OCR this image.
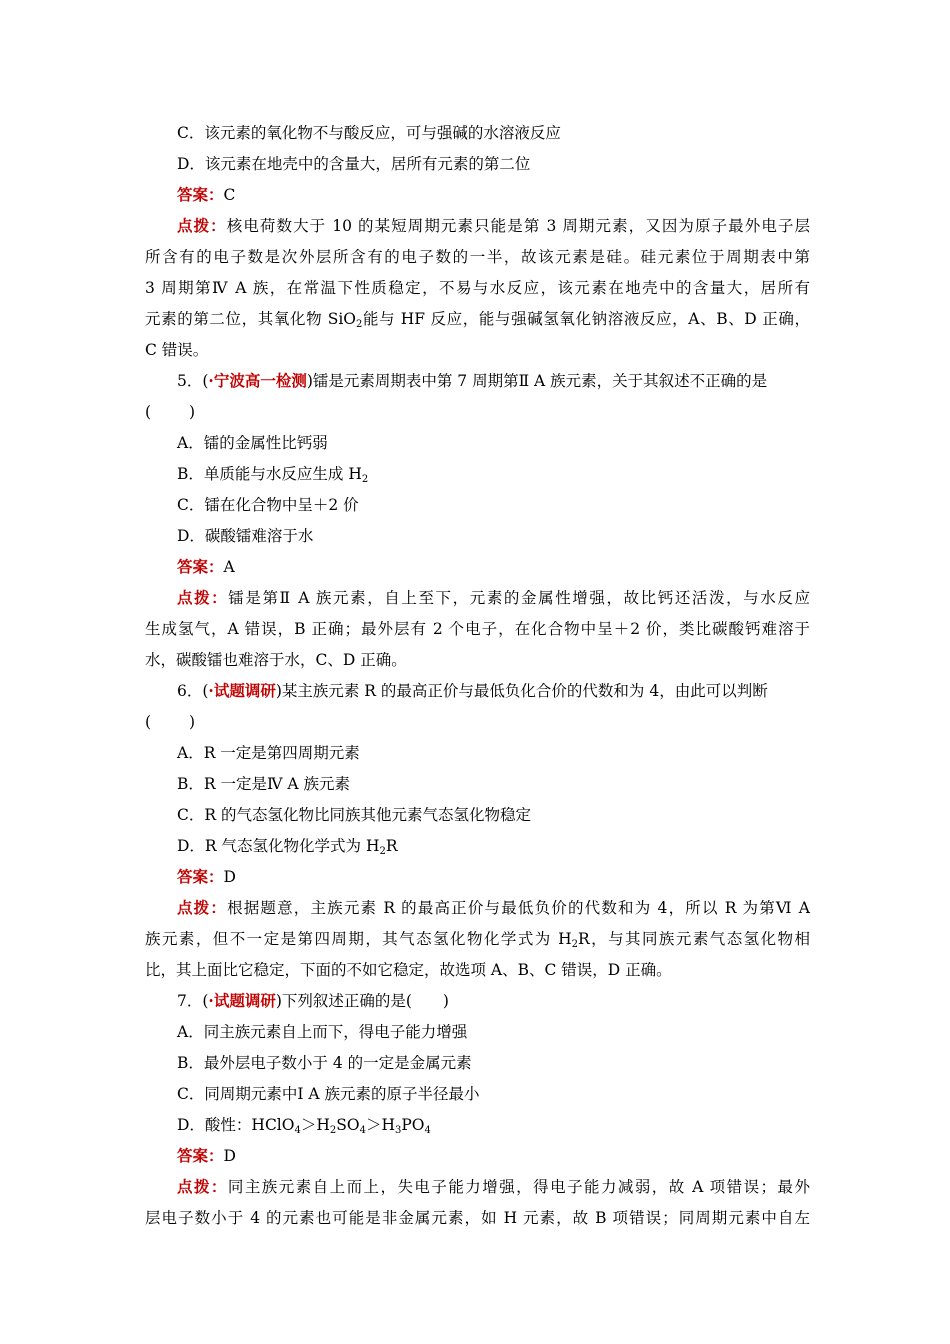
C．该元素的氧化物不与酸反应，可与强碱的水溶液反应
D．该元素在地壳中的含量大，居所有元素的第二位
答案：C
点拨：核电荷数大于 10 的某短周期元素只能是第 3 周期元素，又因为原子最外电子层
所含有的电子数是次外层所含有的电子数的一半，故该元素是硅。硅元素位于周期表中第
3 周期第Ⅳ A 族，在常温下性质稳定，不易与水反应，该元素在地壳中的含量大，居所有
元素的第二位，其氧化物 SiO$_2$能与 HF 反应，能与强碱氢氧化钠溶液反应，A、B、D 正确，
C 错误。
5．(·宁波高一检测)镭是元素周期表中第 7 周期第Ⅱ A 族元素，关于其叙述不正确的是
( )
A．镭的金属性比钙弱
B．单质能与水反应生成 $H_2$
C．镭在化合物中呈＋2 价
D．碳酸镭难溶于水
答案：A
点拨：镭是第Ⅱ A 族元素，自上至下，元素的金属性增强，故比钙还活泼，与水反应
生成氢气，A 错误，B 正确；最外层有 2 个电子，在化合物中呈＋2 价，类比碳酸钙难溶于
水，碳酸镭也难溶于水，C、D 正确。
6．(·试题调研)某主族元素 R 的最高正价与最低负化合价的代数和为 4，由此可以判断
( )
A．R 一定是第四周期元素
B．R 一定是Ⅳ A 族元素
C．R 的气态氢化物比同族其他元素气态氢化物稳定
D．R 气态氢化物化学式为 $H_2R$
答案：D
点拨：根据题意，主族元素 R 的最高正价与最低负价的代数和为 4，所以 R 为第Ⅵ A
族元素，但不一定是第四周期，其气态氢化物化学式为 $H_2R$，与其同族元素气态氢化物相
比，其上面比它稳定，下面的不如它稳定，故选项 A、B、C 错误，D 正确。
7．(·试题调研)下列叙述正确的是(　　)
A．同主族元素自上而下，得电子能力增强
B．最外层电子数小于 4 的一定是金属元素
C．同周期元素中Ⅰ A 族元素的原子半径最小
D．酸性：$HClO_4>H_2SO_4>H_3PO_4$
答案：D
点拨：同主族元素自上而上，失电子能力增强，得电子能力减弱，故 A 项错误；最外
层电子数小于 4 的元素也可能是非金属元素，如 H 元素，故 B 项错误；同周期元素中自左
